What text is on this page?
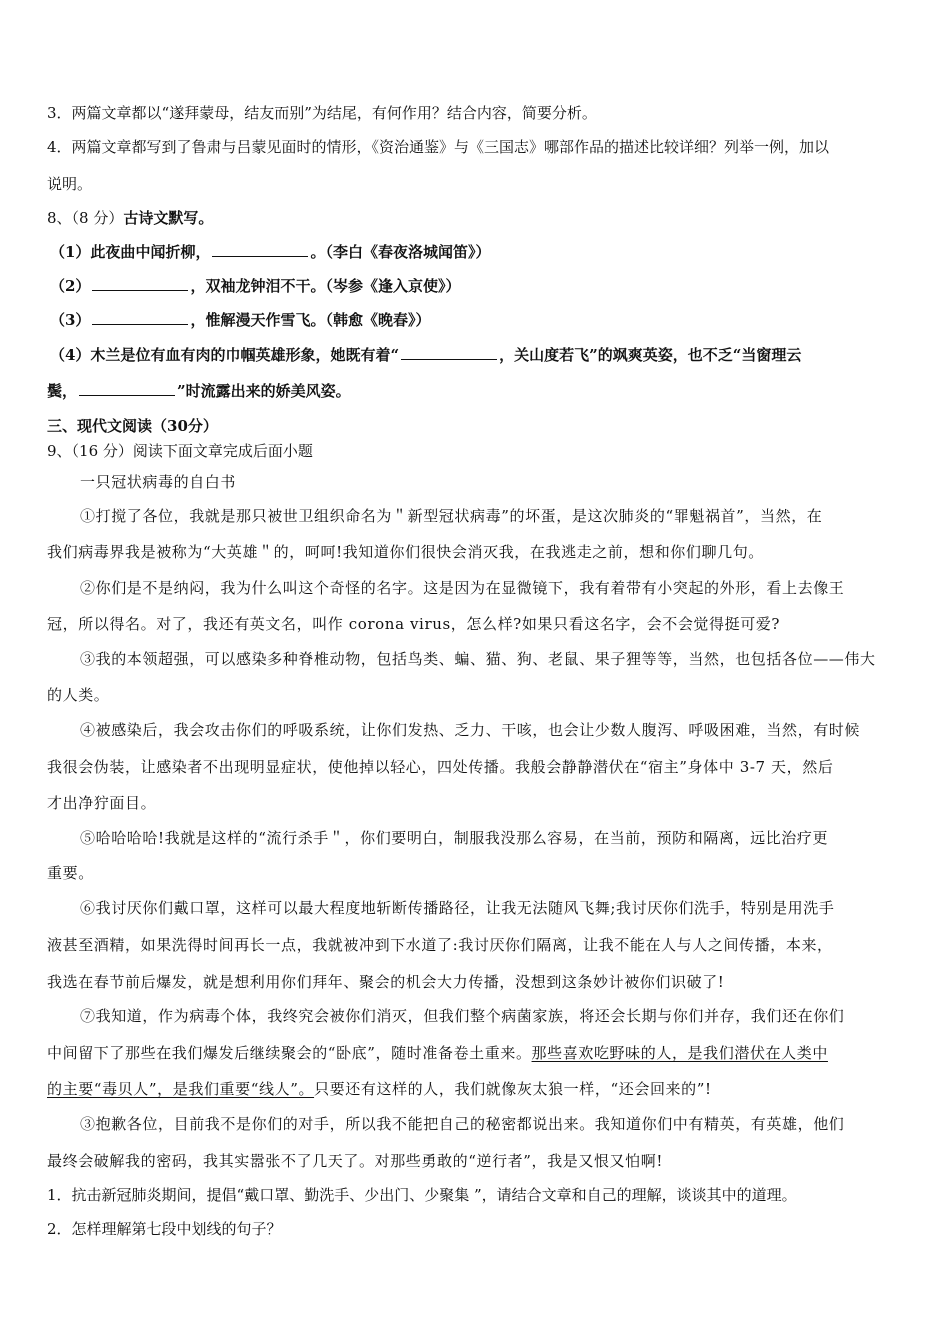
3．两篇文章都以“遂拜蒙母，结友而别”为结尾，有何作用？结合内容，简要分析。
4．两篇文章都写到了鲁肃与吕蒙见面时的情形，《资治通鉴》与《三国志》哪部作品的描述比较详细？列举一例，加以
说明。
8、（8 分）古诗文默写。
（1）此夜曲中闻折柳，	。（李白《春夜洛城闻笛》）
（2）	，双袖龙钟泪不干。（岑参《逢入京使》）
（3）	，惟解漫天作雪飞。（韩愈《晚春》）
（4）木兰是位有血有肉的巾帼英雄形象，她既有着“	，关山度若飞”的飒爽英姿，也不乏“当窗理云
鬓，	”时流露出来的娇美风姿。
三、现代文阅读（30分）
9、（16 分）阅读下面文章完成后面小题
一只冠状病毒的自白书
①打搅了各位，我就是那只被世卫组织命名为＂新型冠状病毒”的坏蛋，是这次肺炎的“罪魁祸首”，当然，在
我们病毒界我是被称为“大英雄＂的，呵呵!我知道你们很快会消灭我，在我逃走之前，想和你们聊几句。
②你们是不是纳闷，我为什么叫这个奇怪的名字。这是因为在显微镜下，我有着带有小突起的外形，看上去像王
冠，所以得名。对了，我还有英文名，叫作 corona virus，怎么样?如果只看这名字，会不会觉得挺可爱?
③我的本领超强，可以感染多种脊椎动物，包括鸟类、蝙、猫、狗、老鼠、果子狸等等，当然，也包括各位——伟大
的人类。
④被感染后，我会攻击你们的呼吸系统，让你们发热、乏力、干咳，也会让少数人腹泻、呼吸困难，当然，有时候
我很会伪装，让感染者不出现明显症状，使他掉以轻心，四处传播。我般会静静潜伏在“宿主”身体中 3-7 天，然后
才出净狞面目。
⑤哈哈哈哈!我就是这样的“流行杀手＂，你们要明白，制服我没那么容易，在当前，预防和隔离，远比治疗更
重要。
⑥我讨厌你们戴口罩，这样可以最大程度地斩断传播路径，让我无法随风飞舞;我讨厌你们洗手，特别是用洗手
液甚至酒精，如果洗得时间再长一点，我就被冲到下水道了:我讨厌你们隔离，让我不能在人与人之间传播，本来，
我选在春节前后爆发，就是想利用你们拜年、聚会的机会大力传播，没想到这条妙计被你们识破了!
⑦我知道，作为病毒个体，我终究会被你们消灭，但我们整个病菌家族，将还会长期与你们并存，我们还在你们
中间留下了那些在我们爆发后继续聚会的“卧底”，随时准备卷土重来。那些喜欢吃野味的人，是我们潜伏在人类中
的主要“毒贝人”，是我们重要“线人”。只要还有这样的人，我们就像灰太狼一样，“还会回来的”!
③抱歉各位，目前我不是你们的对手，所以我不能把自己的秘密都说出来。我知道你们中有精英，有英雄，他们
最终会破解我的密码，我其实嚣张不了几天了。对那些勇敢的“逆行者”，我是又恨又怕啊!
1．抗击新冠肺炎期间，提倡“戴口罩、勤洗手、少出门、少聚集 ”，请结合文章和自己的理解，谈谈其中的道理。
2．怎样理解第七段中划线的句子？
